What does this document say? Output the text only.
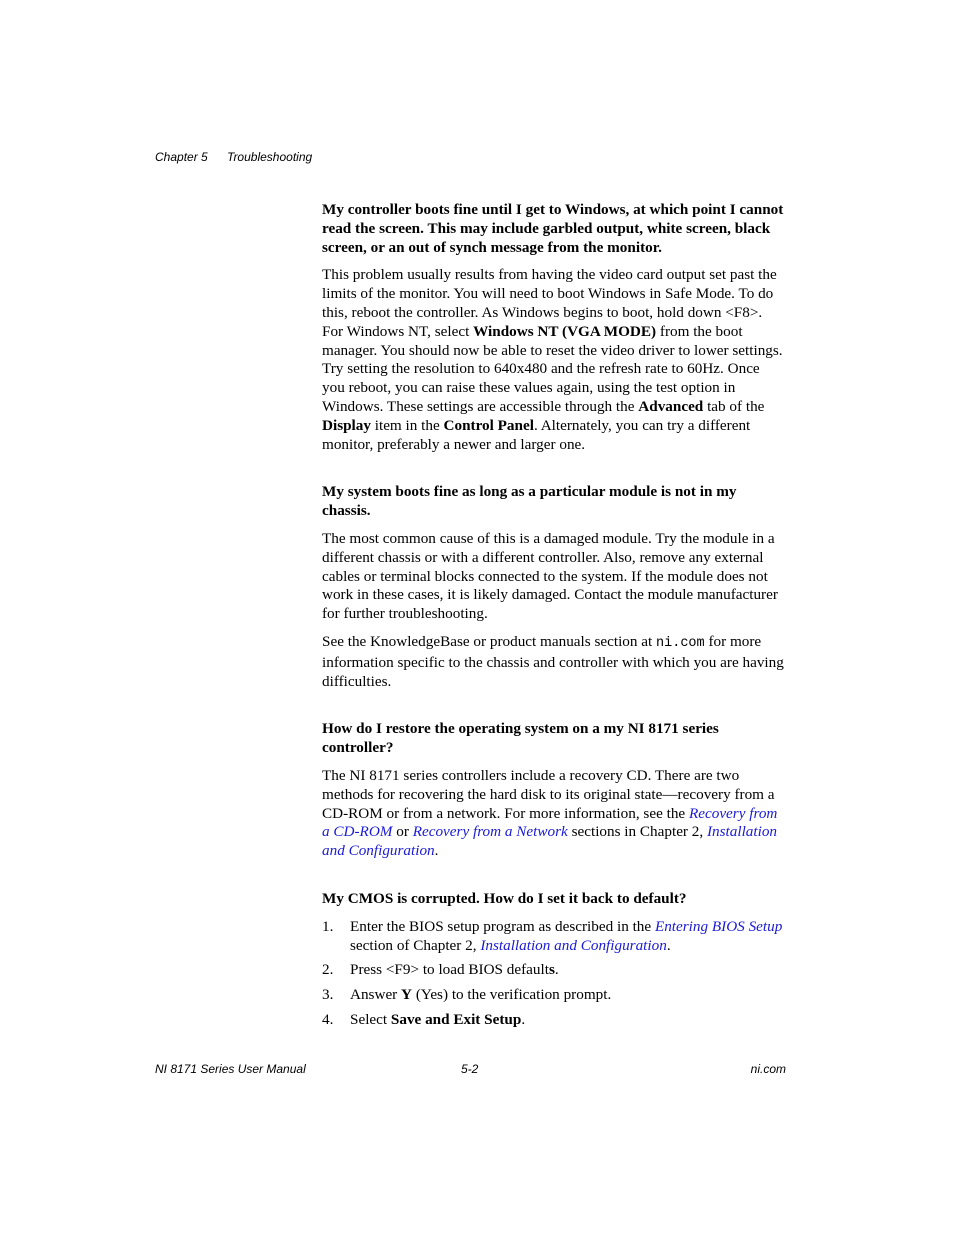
Chapter 5 Troubleshooting
My controller boots fine until I get to Windows, at which point I cannot read the screen. This may include garbled output, white screen, black screen, or an out of synch message from the monitor.
This problem usually results from having the video card output set past the limits of the monitor. You will need to boot Windows in Safe Mode. To do this, reboot the controller. As Windows begins to boot, hold down <F8>. For Windows NT, select Windows NT (VGA MODE) from the boot manager. You should now be able to reset the video driver to lower settings. Try setting the resolution to 640x480 and the refresh rate to 60Hz. Once you reboot, you can raise these values again, using the test option in Windows. These settings are accessible through the Advanced tab of the Display item in the Control Panel. Alternately, you can try a different monitor, preferably a newer and larger one.
My system boots fine as long as a particular module is not in my chassis.
The most common cause of this is a damaged module. Try the module in a different chassis or with a different controller. Also, remove any external cables or terminal blocks connected to the system. If the module does not work in these cases, it is likely damaged. Contact the module manufacturer for further troubleshooting.
See the KnowledgeBase or product manuals section at ni.com for more information specific to the chassis and controller with which you are having difficulties.
How do I restore the operating system on a my NI 8171 series controller?
The NI 8171 series controllers include a recovery CD. There are two methods for recovering the hard disk to its original state—recovery from a CD-ROM or from a network. For more information, see the Recovery from a CD-ROM or Recovery from a Network sections in Chapter 2, Installation and Configuration.
My CMOS is corrupted. How do I set it back to default?
1. Enter the BIOS setup program as described in the Entering BIOS Setup section of Chapter 2, Installation and Configuration.
2. Press <F9> to load BIOS defaults.
3. Answer Y (Yes) to the verification prompt.
4. Select Save and Exit Setup.
NI 8171 Series User Manual	5-2	ni.com
